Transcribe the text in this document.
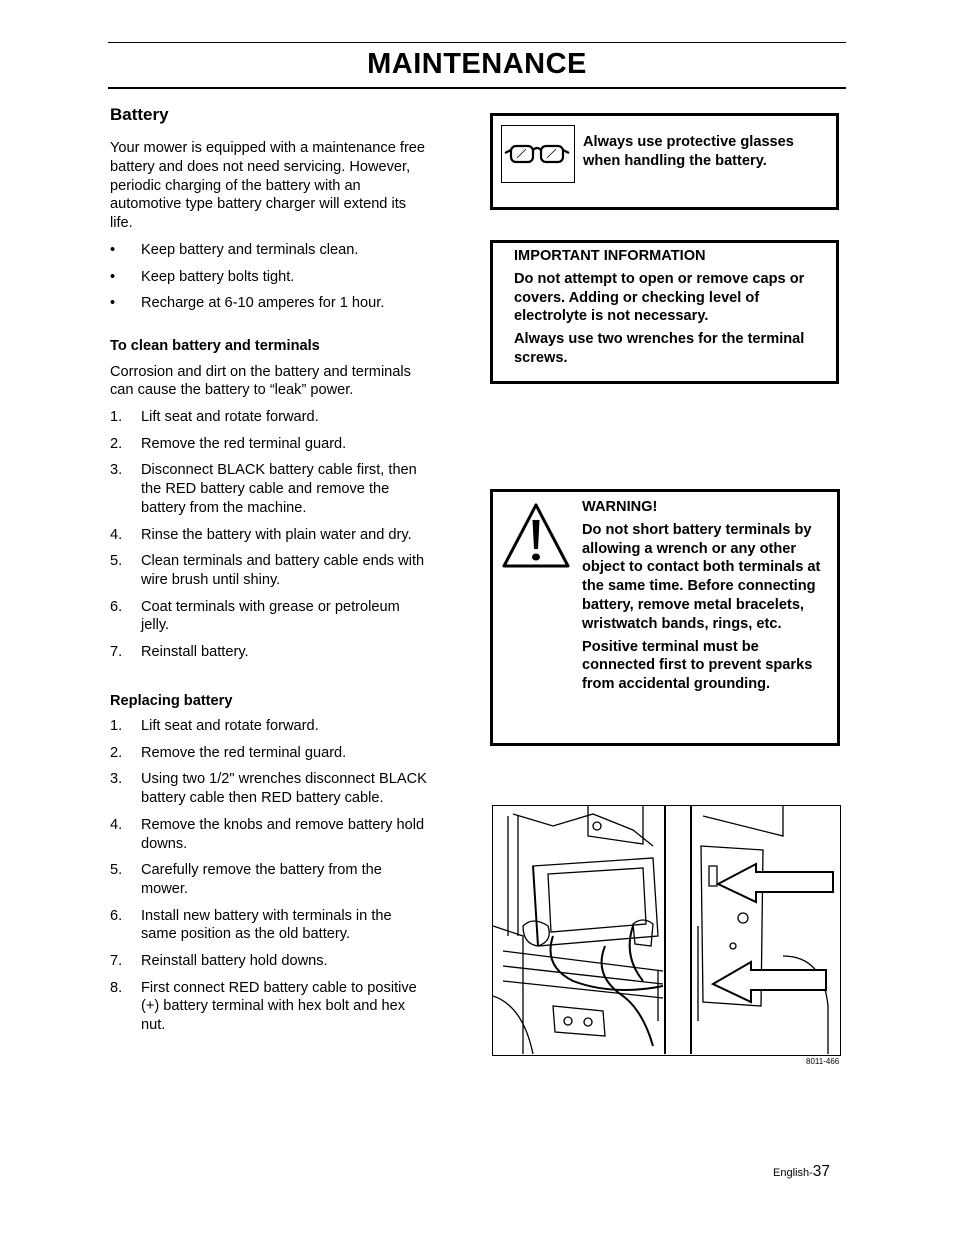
MAINTENANCE
Battery

Your mower is equipped with a maintenance free battery and does not need servicing. However, periodic charging of the battery with an automotive type battery charger will extend its life.

• Keep battery and terminals clean.
• Keep battery bolts tight.
• Recharge at 6-10 amperes for 1 hour.
To clean battery and terminals

Corrosion and dirt on the battery and terminals can cause the battery to “leak” power.

1. Lift seat and rotate forward.
2. Remove the red terminal guard.
3. Disconnect BLACK battery cable first, then the RED battery cable and remove the battery from the machine.
4. Rinse the battery with plain water and dry.
5. Clean terminals and battery cable ends with wire brush until shiny.
6. Coat terminals with grease or petroleum jelly.
7. Reinstall battery.
Replacing battery
1. Lift seat and rotate forward.
2. Remove the red terminal guard.
3. Using two 1/2" wrenches disconnect BLACK battery cable then RED battery cable.
4. Remove the knobs and remove battery hold downs.
5. Carefully remove the battery from the mower.
6. Install new battery with terminals in the same position as the old battery.
7. Reinstall battery hold downs.
8. First connect RED battery cable to positive (+) battery terminal with hex bolt and hex nut.
Always use protective glasses when handling the battery.

IMPORTANT INFORMATION

Do not attempt to open or remove caps or covers. Adding or checking level of electrolyte is not necessary.

Always use two wrenches for the terminal screws.

WARNING!

Do not short battery terminals by allowing a wrench or any other object to contact both terminals at the same time. Before connecting battery, remove metal bracelets, wristwatch bands, rings, etc.

Positive terminal must be connected first to prevent sparks from accidental grounding.

8011-466
English-37
